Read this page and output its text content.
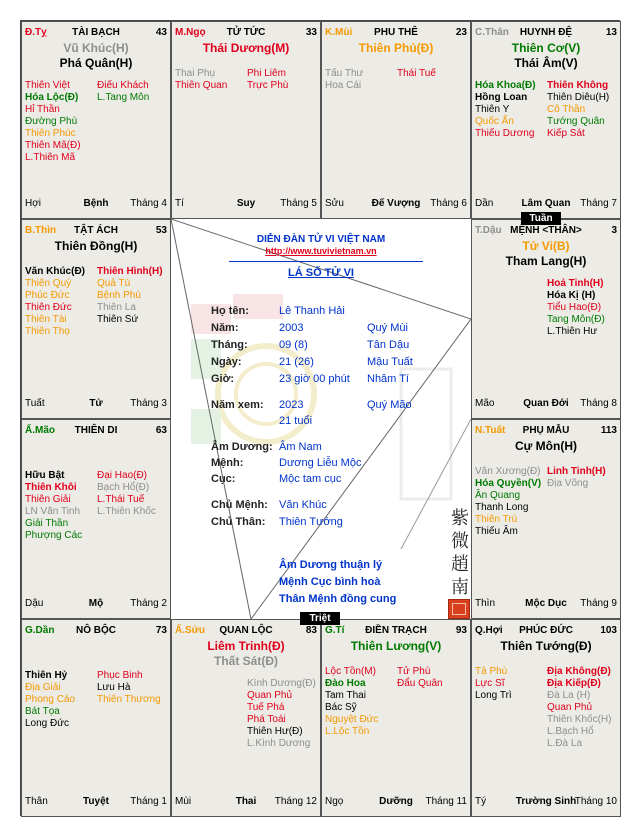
Đ.Tỵ	TÀI BẠCH	43
Vũ Khúc(H)
Phá Quân(H)
Thiên Việt
Hóa Lộc(Đ)
Hỉ Thần
Đường Phù
Thiên Phúc
Thiên Mã(Đ)
L.Thiên Mã
Điếu Khách
L.Tang Môn
Hợi	Bệnh	Tháng 4
M.Ngọ	TỬ TỨC	33
Thái Dương(M)
Thai Phụ
Thiên Quan
Phi Liêm
Trực Phù
Tí	Suy	Tháng 5
K.Mùi	PHU THÊ	23
Thiên Phủ(Đ)
Tấu Thư
Hoa Cái
Thái Tuế
Sửu	Đế Vượng Tháng 6
C.Thân	HUYNH ĐỆ	13
Thiên Cơ(V)
Thái Âm(V)
Hóa Khoa(Đ)
Hồng Loan
Thiên Y
Quốc Ấn
Thiếu Dương
Thiên Không
Thiên Diêu(H)
Cô Thần
Tướng Quân
Kiếp Sát
Dần	Lâm Quan Tháng 7
B.Thìn	TẬT ÁCH	53
Thiên Đồng(H)
Văn Khúc(Đ)
Thiên Quý
Phúc Đức
Thiên Đức
Thiên Tài
Thiên Thọ
Thiên Hình(H)
Quả Tú
Bệnh Phù
Thiên La
Thiên Sứ
Tuất	Tử	Tháng 3
T.Dậu MỆNH <THÂN>	3
Tử Vi(B)
Tham Lang(H)
Hoả Tinh(H)
Hóa Kị (H)
Tiểu Hao(Đ)
Tang Môn(Đ)
L.Thiên Hư
Mão	Quan Đới	Tháng 8
Ấ.Mão	THIÊN DI	63
Hữu Bật
Thiên Khôi
Thiên Giải
LN Văn Tinh
Giải Thần
Phượng Các
Đại Hao(Đ)
Bạch Hổ(Đ)
L.Thái Tuế
L.Thiên Khốc
Dậu	Mộ	Tháng 2
N.Tuất	PHỤ MẪU	113
Cự Môn(H)
Văn Xương(Đ)
Hóa Quyền(V)
Ân Quang
Thanh Long
Thiên Trù
Thiếu Âm
Linh Tinh(H)
Địa Võng
Thìn	Mộc Dục	Tháng 9
G.Dần	NÔ BỘC	73
Thiên Hỷ
Địa Giải
Phong Cáo
Bát Tọa
Long Đức
Phục Binh
Lưu Hà
Thiên Thương
Thân	Tuyệt	Tháng 1
Ấ.Sửu	QUAN LỘC	83
Liêm Trinh(Đ)
Thất Sát(Đ)
Kình Dương(Đ)
Quan Phủ
Tuế Phá
Phá Toái
Thiên Hư(Đ)
L.Kình Dương
Mùi	Thai	Tháng 12
G.Tí	ĐIỀN TRẠCH	93
Thiên Lương(V)
Lộc Tồn(M)
Đào Hoa
Tam Thai
Bác Sỹ
Nguyệt Đức
L.Lộc Tồn
Tử Phù
Đẩu Quân
Ngọ	Dưỡng	Tháng 11
Q.Hợi	PHÚC ĐỨC	103
Thiên Tướng(Đ)
Tả Phù
Lực Sĩ
Long Trì
Địa Không(Đ)
Địa Kiếp(Đ)
Đà La (H)
Quan Phủ
Thiên Khốc(H)
L.Bạch Hổ
L.Đà La
Tý	Trường Sinh
Tháng 10
DIỄN ĐÀN TỬ VI VIỆT NAM
http://www.tuvivietnam.vn
LÁ SỐ TỬ VI
Họ tên:	Lê Thanh Hải
Năm:	2003	Quý Mùi
Tháng:	09 (8)	Tân Dậu
Ngày:	21 (26)	Mậu Tuất
Giờ:	23 giờ 00 phút Nhâm Tí
Năm xem: 2023	Quý Mão
21 tuổi
Âm Dương: Âm Nam
Mệnh:	Dương Liễu Mộc
Cục:	Mộc tam cục
Chủ Mệnh: Văn Khúc
Chủ Thân: Thiên Tướng
Âm Dương thuận lý
Mệnh Cục bình hoà
Thân Mệnh đồng cung
紫
微
趙
南
Tuần
Triệt
